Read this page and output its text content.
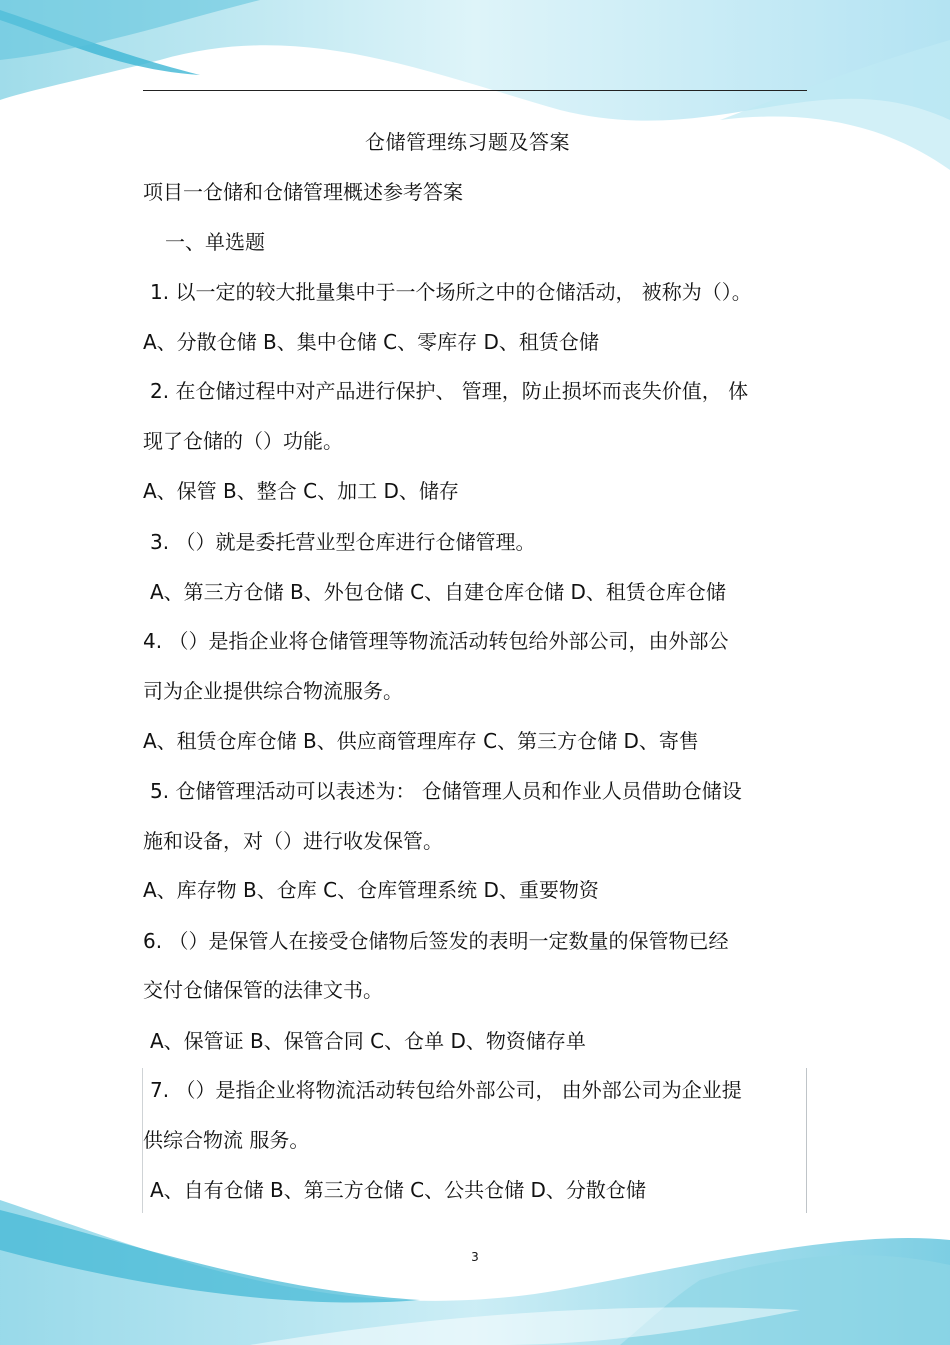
仓储管理练习题及答案
项目一仓储和仓储管理概述参考答案
一、单选题
1. 以一定的较大批量集中于一个场所之中的仓储活动， 被称为（）。
A、分散仓储 B、集中仓储 C、零库存 D、租赁仓储
2. 在仓储过程中对产品进行保护、 管理，防止损坏而丧失价值， 体
现了仓储的（）功能。
A、保管 B、整合 C、加工 D、储存
3. （）就是委托营业型仓库进行仓储管理。
A、第三方仓储 B、外包仓储 C、自建仓库仓储 D、租赁仓库仓储
4. （）是指企业将仓储管理等物流活动转包给外部公司，由外部公
司为企业提供综合物流服务。
A、租赁仓库仓储 B、供应商管理库存 C、第三方仓储 D、寄售
5. 仓储管理活动可以表述为： 仓储管理人员和作业人员借助仓储设
施和设备，对（）进行收发保管。
A、库存物 B、仓库 C、仓库管理系统 D、重要物资
6. （）是保管人在接受仓储物后签发的表明一定数量的保管物已经
交付仓储保管的法律文书。
A、保管证 B、保管合同 C、仓单 D、物资储存单
7. （）是指企业将物流活动转包给外部公司， 由外部公司为企业提
供综合物流 服务。
A、自有仓储 B、第三方仓储 C、公共仓储 D、分散仓储
3
